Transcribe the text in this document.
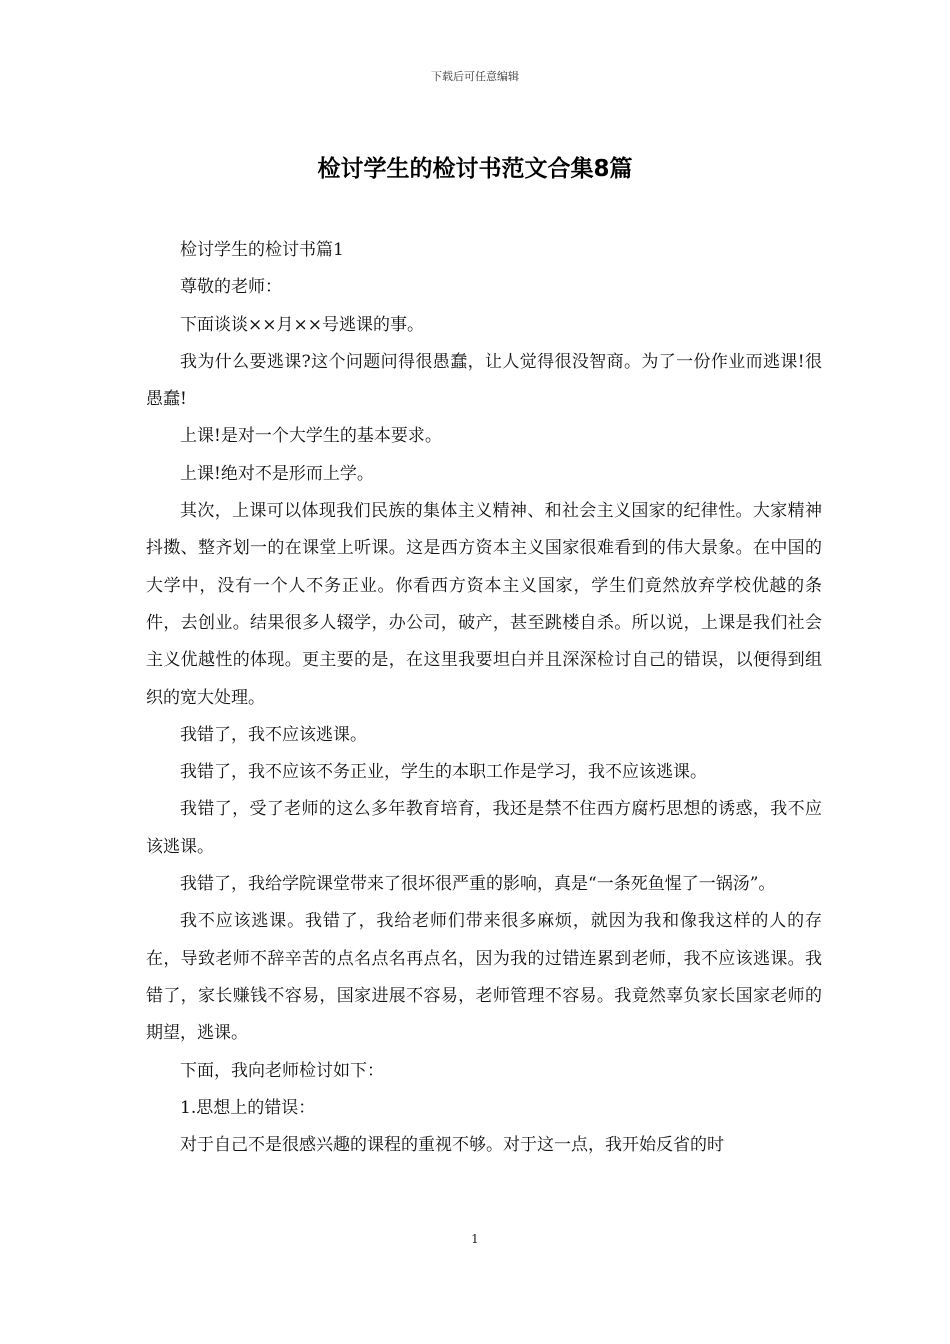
下载后可任意编辑
检讨学生的检讨书范文合集8篇

检讨学生的检讨书篇1

尊敬的老师：

下面谈谈××月××号逃课的事。

我为什么要逃课?这个问题问得很愚蠢，让人觉得很没智商。为了一份作业而逃课!很愚蠢!

上课!是对一个大学生的基本要求。

上课!绝对不是形而上学。

其次，上课可以体现我们民族的集体主义精神、和社会主义国家的纪律性。大家精神抖擞、整齐划一的在课堂上听课。这是西方资本主义国家很难看到的伟大景象。在中国的大学中，没有一个人不务正业。你看西方资本主义国家，学生们竟然放弃学校优越的条件，去创业。结果很多人辍学，办公司，破产，甚至跳楼自杀。所以说，上课是我们社会主义优越性的体现。更主要的是，在这里我要坦白并且深深检讨自己的错误，以便得到组织的宽大处理。

我错了，我不应该逃课。

我错了，我不应该不务正业，学生的本职工作是学习，我不应该逃课。

我错了，受了老师的这么多年教育培育，我还是禁不住西方腐朽思想的诱惑，我不应该逃课。

我错了，我给学院课堂带来了很坏很严重的影响，真是“一条死鱼惺了一锅汤”。

我不应该逃课。我错了，我给老师们带来很多麻烦，就因为我和像我这样的人的存在，导致老师不辞辛苦的点名点名再点名，因为我的过错连累到老师，我不应该逃课。我错了，家长赚钱不容易，国家进展不容易，老师管理不容易。我竟然辜负家长国家老师的期望，逃课。

下面，我向老师检讨如下：

1.思想上的错误：

对于自己不是很感兴趣的课程的重视不够。对于这一点，我开始反省的时

1
